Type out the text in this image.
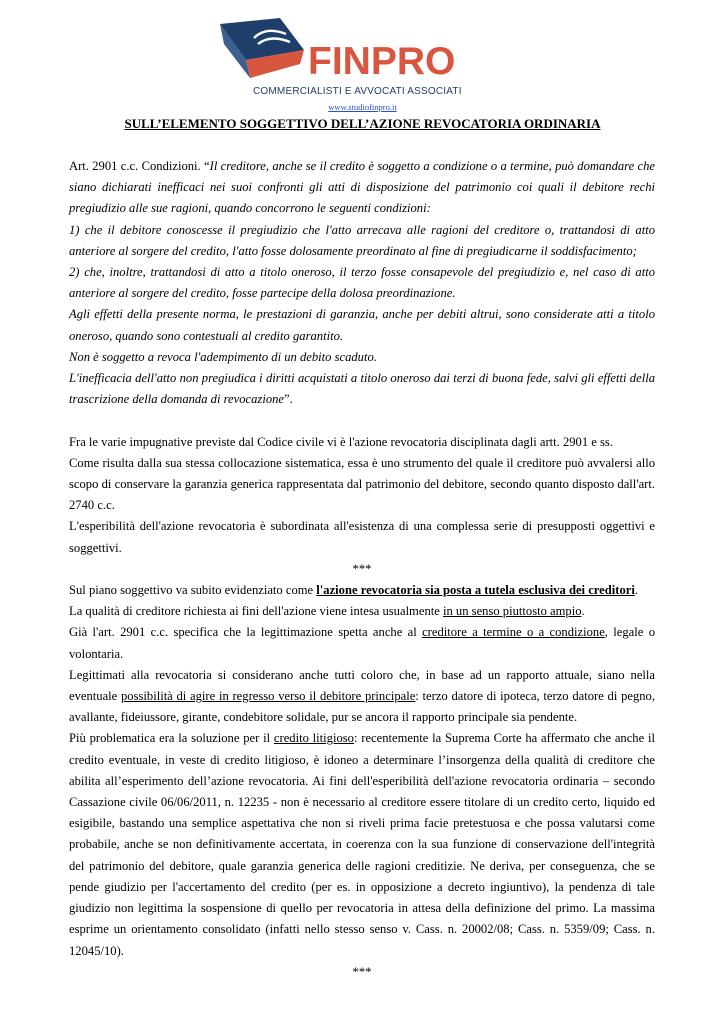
FINPRO
COMMERCIALISTI E AVVOCATI ASSOCIATI
www.studiofinpro.it
SULL’ELEMENTO SOGGETTIVO DELL’AZIONE REVOCATORIA ORDINARIA

Art. 2901 c.c. Condizioni. “Il creditore, anche se il credito è soggetto a condizione o a termine, può domandare che siano dichiarati inefficaci nei suoi confronti gli atti di disposizione del patrimonio coi quali il debitore rechi pregiudizio alle sue ragioni, quando concorrono le seguenti condizioni:

1) che il debitore conoscesse il pregiudizio che l'atto arrecava alle ragioni del creditore o, trattandosi di atto anteriore al sorgere del credito, l'atto fosse dolosamente preordinato al fine di pregiudicarne il soddisfacimento;

2) che, inoltre, trattandosi di atto a titolo oneroso, il terzo fosse consapevole del pregiudizio e, nel caso di atto anteriore al sorgere del credito, fosse partecipe della dolosa preordinazione.

Agli effetti della presente norma, le prestazioni di garanzia, anche per debiti altrui, sono considerate atti a titolo oneroso, quando sono contestuali al credito garantito.

Non è soggetto a revoca l'adempimento di un debito scaduto.

L'inefficacia dell'atto non pregiudica i diritti acquistati a titolo oneroso dai terzi di buona fede, salvi gli effetti della trascrizione della domanda di revocazione”.

Fra le varie impugnative previste dal Codice civile vi è l'azione revocatoria disciplinata dagli artt. 2901 e ss.

Come risulta dalla sua stessa collocazione sistematica, essa è uno strumento del quale il creditore può avvalersi allo scopo di conservare la garanzia generica rappresentata dal patrimonio del debitore, secondo quanto disposto dall'art. 2740 c.c.

L'esperibilità dell'azione revocatoria è subordinata all'esistenza di una complessa serie di presupposti oggettivi e soggettivi.

***

Sul piano soggettivo va subito evidenziato come l'azione revocatoria sia posta a tutela esclusiva dei creditori.

La qualità di creditore richiesta ai fini dell'azione viene intesa usualmente in un senso piuttosto ampio.

Già l'art. 2901 c.c. specifica che la legittimazione spetta anche al creditore a termine o a condizione, legale o volontaria.

Legittimati alla revocatoria si considerano anche tutti coloro che, in base ad un rapporto attuale, siano nella eventuale possibilità di agire in regresso verso il debitore principale: terzo datore di ipoteca, terzo datore di pegno, avallante, fideiussore, girante, condebitore solidale, pur se ancora il rapporto principale sia pendente.

Più problematica era la soluzione per il credito litigioso: recentemente la Suprema Corte ha affermato che anche il credito eventuale, in veste di credito litigioso, è idoneo a determinare l’insorgenza della qualità di creditore che abilita all’esperimento dell’azione revocatoria. Ai fini dell'esperibilità dell'azione revocatoria ordinaria – secondo Cassazione civile 06/06/2011, n. 12235 - non è necessario al creditore essere titolare di un credito certo, liquido ed esigibile, bastando una semplice aspettativa che non si riveli prima facie pretestuosa e che possa valutarsi come probabile, anche se non definitivamente accertata, in coerenza con la sua funzione di conservazione dell'integrità del patrimonio del debitore, quale garanzia generica delle ragioni creditizie. Ne deriva, per conseguenza, che se pende giudizio per l'accertamento del credito (per es. in opposizione a decreto ingiuntivo), la pendenza di tale giudizio non legittima la sospensione di quello per revocatoria in attesa della definizione del primo. La massima esprime un orientamento consolidato (infatti nello stesso senso v. Cass. n. 20002/08; Cass. n. 5359/09; Cass. n. 12045/10).

***
